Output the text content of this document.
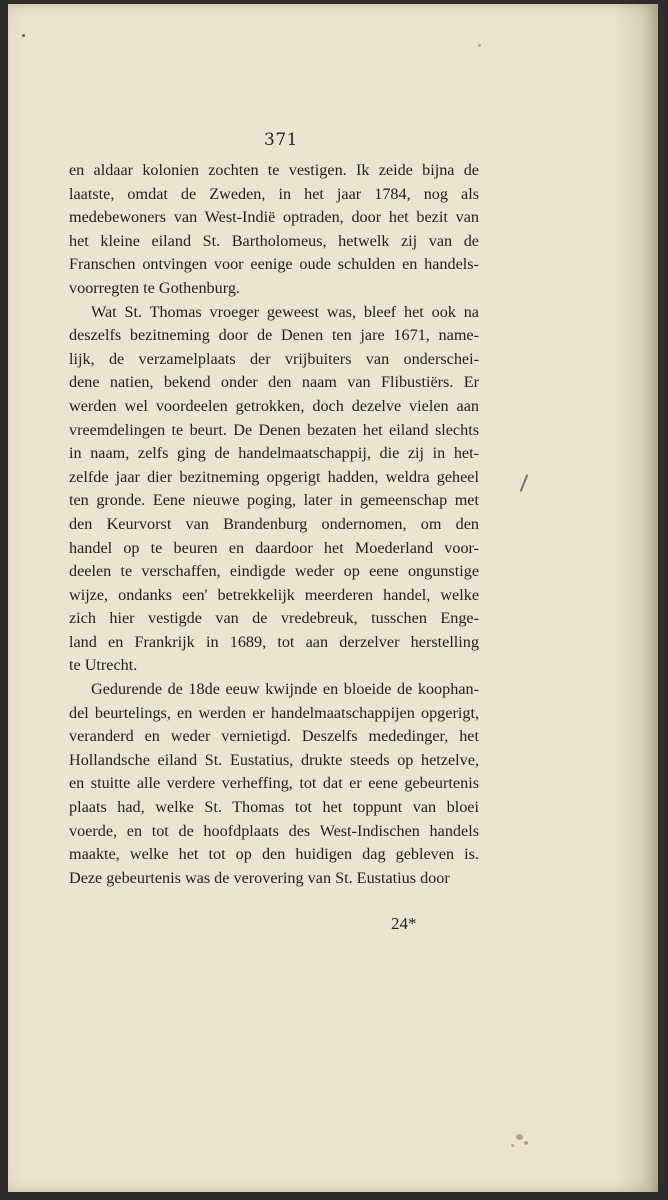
371
en aldaar kolonien zochten te vestigen. Ik zeide bijna de
laatste, omdat de Zweden, in het jaar 1784, nog als
medebewoners van West-Indië optraden, door het bezit van
het kleine eiland St. Bartholomeus, hetwelk zij van de
Franschen ontvingen voor eenige oude schulden en handels-
voorregten te Gothenburg.
Wat St. Thomas vroeger geweest was, bleef het ook na
deszelfs bezitneming door de Denen ten jare 1671, name-
lijk, de verzamelplaats der vrijbuiters van onderschei-
dene natien, bekend onder den naam van Flibustiërs. Er
werden wel voordeelen getrokken, doch dezelve vielen aan
vreemdelingen te beurt. De Denen bezaten het eiland slechts
in naam, zelfs ging de handelmaatschappij, die zij in het-
zelfde jaar dier bezitneming opgerigt hadden, weldra geheel
ten gronde. Eene nieuwe poging, later in gemeenschap met
den Keurvorst van Brandenburg ondernomen, om den
handel op te beuren en daardoor het Moederland voor-
deelen te verschaffen, eindigde weder op eene ongunstige
wijze, ondanks een' betrekkelijk meerderen handel, welke
zich hier vestigde van de vredebreuk, tusschen Enge-
land en Frankrijk in 1689, tot aan derzelver herstelling
te Utrecht.
Gedurende de 18de eeuw kwijnde en bloeide de koophan-
del beurtelings, en werden er handelmaatschappijen opgerigt,
veranderd en weder vernietigd. Deszelfs mededinger, het
Hollandsche eiland St. Eustatius, drukte steeds op hetzelve,
en stuitte alle verdere verheffing, tot dat er eene gebeurtenis
plaats had, welke St. Thomas tot het toppunt van bloei
voerde, en tot de hoofdplaats des West-Indischen handels
maakte, welke het tot op den huidigen dag gebleven is.
Deze gebeurtenis was de verovering van St. Eustatius door
24*
